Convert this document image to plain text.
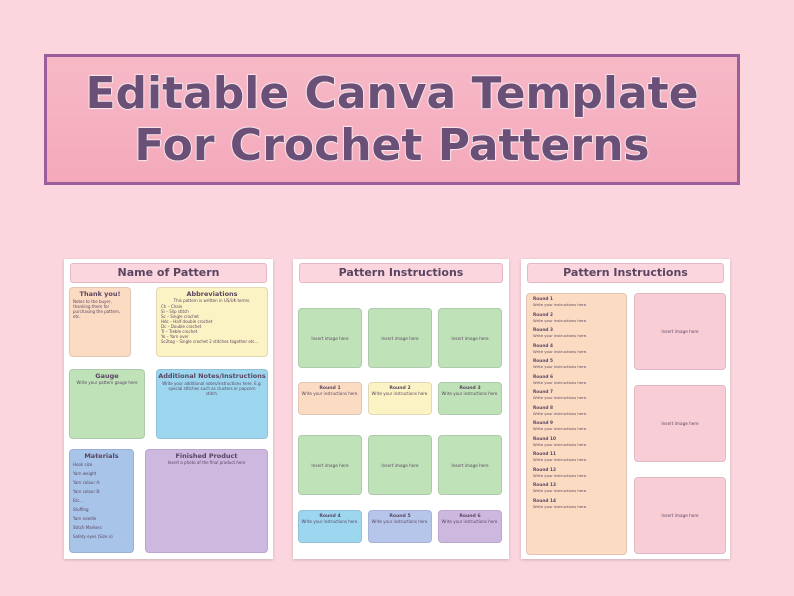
Editable Canva Template
For Crochet Patterns
Name of Pattern
Thank you!
Notes to the buyer, thanking them for purchasing the pattern, etc.
Abbreviations
This pattern is written in US/UK terms.
Ch – Chain
Sl – Slip stitch
Sc – Single crochet
Hdc – Half double crochet
Dc – Double crochet
Tr – Treble crochet
Yo – Yarn over
Sc2tog – Single crochet 2 stitches together etc...
Gauge
Write your pattern gauge here
Additional Notes/Instructions
Write your additional notes/instructions here. E.g. special stitches such as clusters or popcorn stitch.
Materials
Hook size
Yarn weight
Yarn colour A:
Yarn colour B:
Etc...
Stuffing
Yarn needle
Stitch Markers
Safety eyes (Size x)
Finished Product
Insert a photo of the final product here
Pattern Instructions
Insert image here	Insert image here	Insert image here
Round 1
Write your instructions here.
Round 2
Write your instructions here.
Round 3
Write your instructions here.
Insert image here	Insert image here	Insert image here
Round 4
Write your instructions here.
Round 5
Write your instructions here.
Round 6
Write your instructions here.
Pattern Instructions
Round 1
Write your instructions here.
Round 2
Write your instructions here.
Round 3
Write your instructions here.
Round 4
Write your instructions here.
Round 5
Write your instructions here.
Round 6
Write your instructions here.
Round 7
Write your instructions here.
Round 8
Write your instructions here.
Round 9
Write your instructions here.
Round 10
Write your instructions here.
Round 11
Write your instructions here.
Round 12
Write your instructions here.
Round 13
Write your instructions here.
Round 14
Write your instructions here.
Insert image here
Insert image here
Insert image here
